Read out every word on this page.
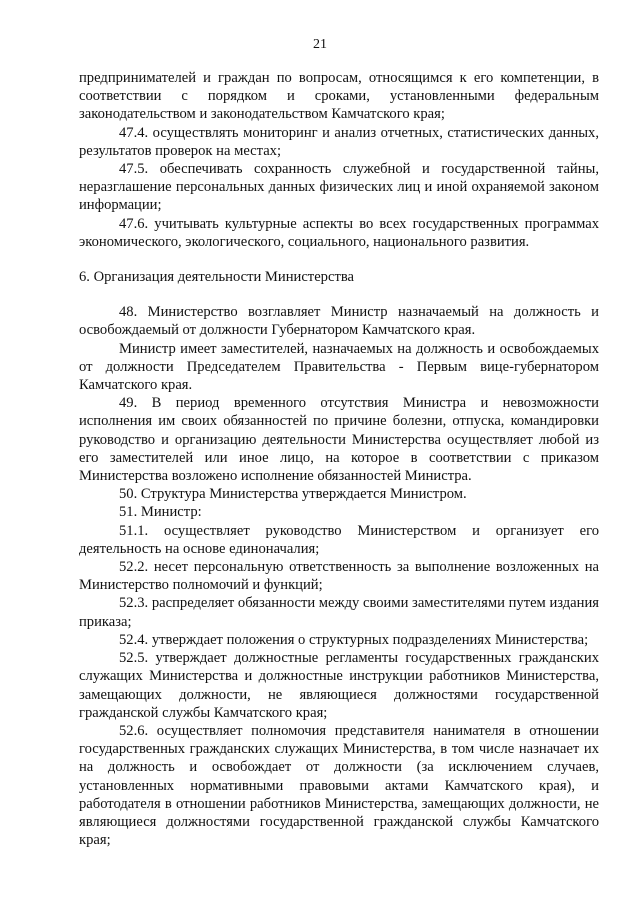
21

предпринимателей и граждан по вопросам, относящимся к его компетенции, в соответствии с порядком и сроками, установленными федеральным законодательством и законодательством Камчатского края;

47.4. осуществлять мониторинг и анализ отчетных, статистических данных, результатов проверок на местах;

47.5. обеспечивать сохранность служебной и государственной тайны, неразглашение персональных данных физических лиц и иной охраняемой законом информации;

47.6. учитывать культурные аспекты во всех государственных программах экономического, экологического, социального, национального развития.

6. Организация деятельности Министерства

48. Министерство возглавляет Министр назначаемый на должность и освобождаемый от должности Губернатором Камчатского края.

Министр имеет заместителей, назначаемых на должность и освобождаемых от должности Председателем Правительства - Первым вице-губернатором Камчатского края.

49. В период временного отсутствия Министра и невозможности исполнения им своих обязанностей по причине болезни, отпуска, командировки руководство и организацию деятельности Министерства осуществляет любой из его заместителей или иное лицо, на которое в соответствии с приказом Министерства возложено исполнение обязанностей Министра.

50. Структура Министерства утверждается Министром.

51. Министр:

51.1. осуществляет руководство Министерством и организует его деятельность на основе единоначалия;

52.2. несет персональную ответственность за выполнение возложенных на Министерство полномочий и функций;

52.3. распределяет обязанности между своими заместителями путем издания приказа;

52.4. утверждает положения о структурных подразделениях Министерства;

52.5. утверждает должностные регламенты государственных гражданских служащих Министерства и должностные инструкции работников Министерства, замещающих должности, не являющиеся должностями государственной гражданской службы Камчатского края;

52.6. осуществляет полномочия представителя нанимателя в отношении государственных гражданских служащих Министерства, в том числе назначает их на должность и освобождает от должности (за исключением случаев, установленных нормативными правовыми актами Камчатского края), и работодателя в отношении работников Министерства, замещающих должности, не являющиеся должностями государственной гражданской службы Камчатского края;
